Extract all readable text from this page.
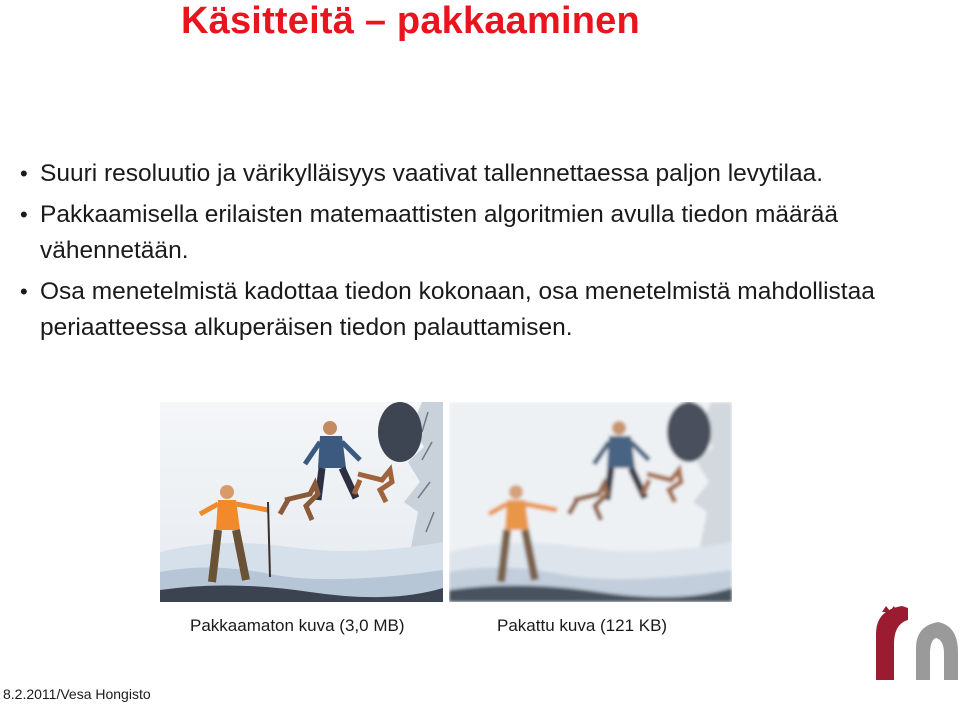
Käsitteitä – pakkaaminen
• Suuri resoluutio ja värikylläisyys vaativat tallennettaessa paljon levytilaa.
• Pakkaamisella erilaisten matemaattisten algoritmien avulla tiedon määrää vähennetään.
• Osa menetelmistä kadottaa tiedon kokonaan, osa menetelmistä mahdollistaa periaatteessa alkuperäisen tiedon palauttamisen.
Pakkaamaton kuva (3,0 MB)	Pakattu kuva (121 KB)
8.2.2011/Vesa Hongisto
